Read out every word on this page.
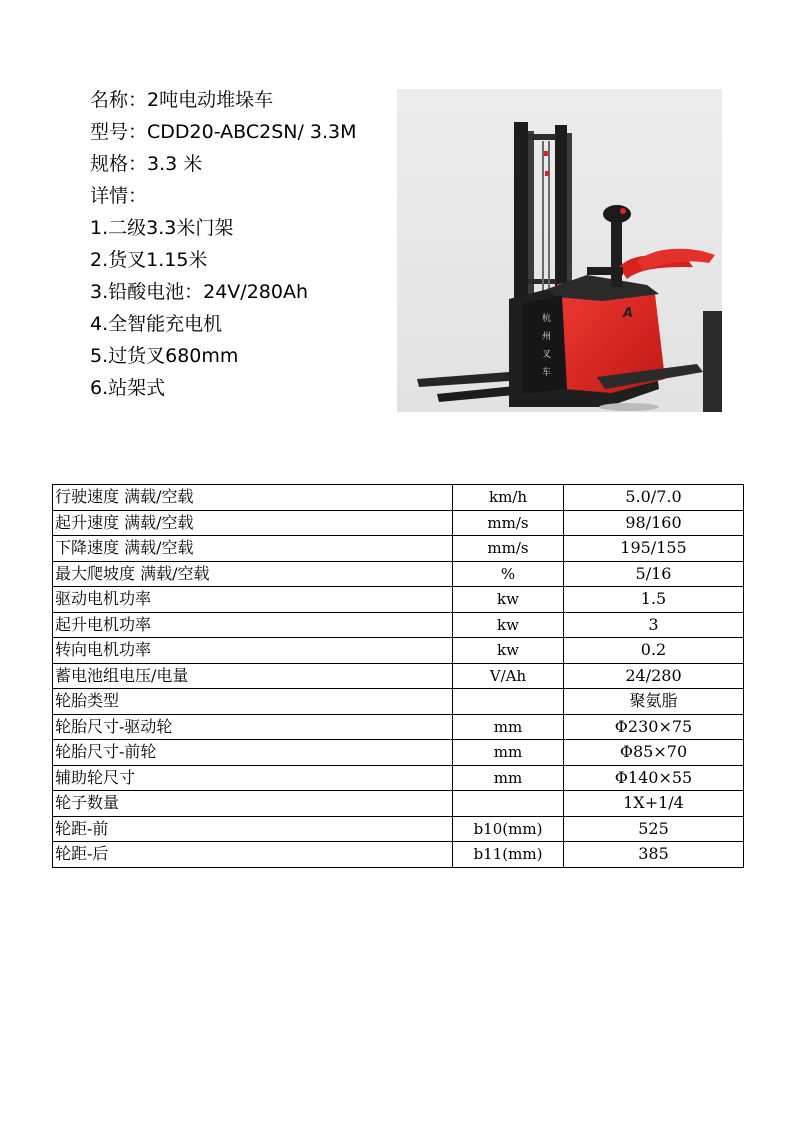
名称：2吨电动堆垛车
型号：CDD20-ABC2SN/ 3.3M
规格：3.3 米
详情：
1.二级3.3米门架
2.货叉1.15米
3.铅酸电池：24V/280Ah
4.全智能充电机
5.过货叉680mm
6.站架式
杭
州
叉
车
A
行驶速度 满载/空载	km/h	5.0/7.0
起升速度 满载/空载	mm/s	98/160
下降速度 满载/空载	mm/s	195/155
最大爬坡度 满载/空载	%	5/16
驱动电机功率	kw	1.5
起升电机功率	kw	3
转向电机功率	kw	0.2
蓄电池组电压/电量	V/Ah	24/280
轮胎类型		聚氨脂
轮胎尺寸-驱动轮	mm	Φ230×75
轮胎尺寸-前轮	mm	Φ85×70
辅助轮尺寸	mm	Φ140×55
轮子数量		1X+1/4
轮距-前	b10(mm)	525
轮距-后	b11(mm)	385
